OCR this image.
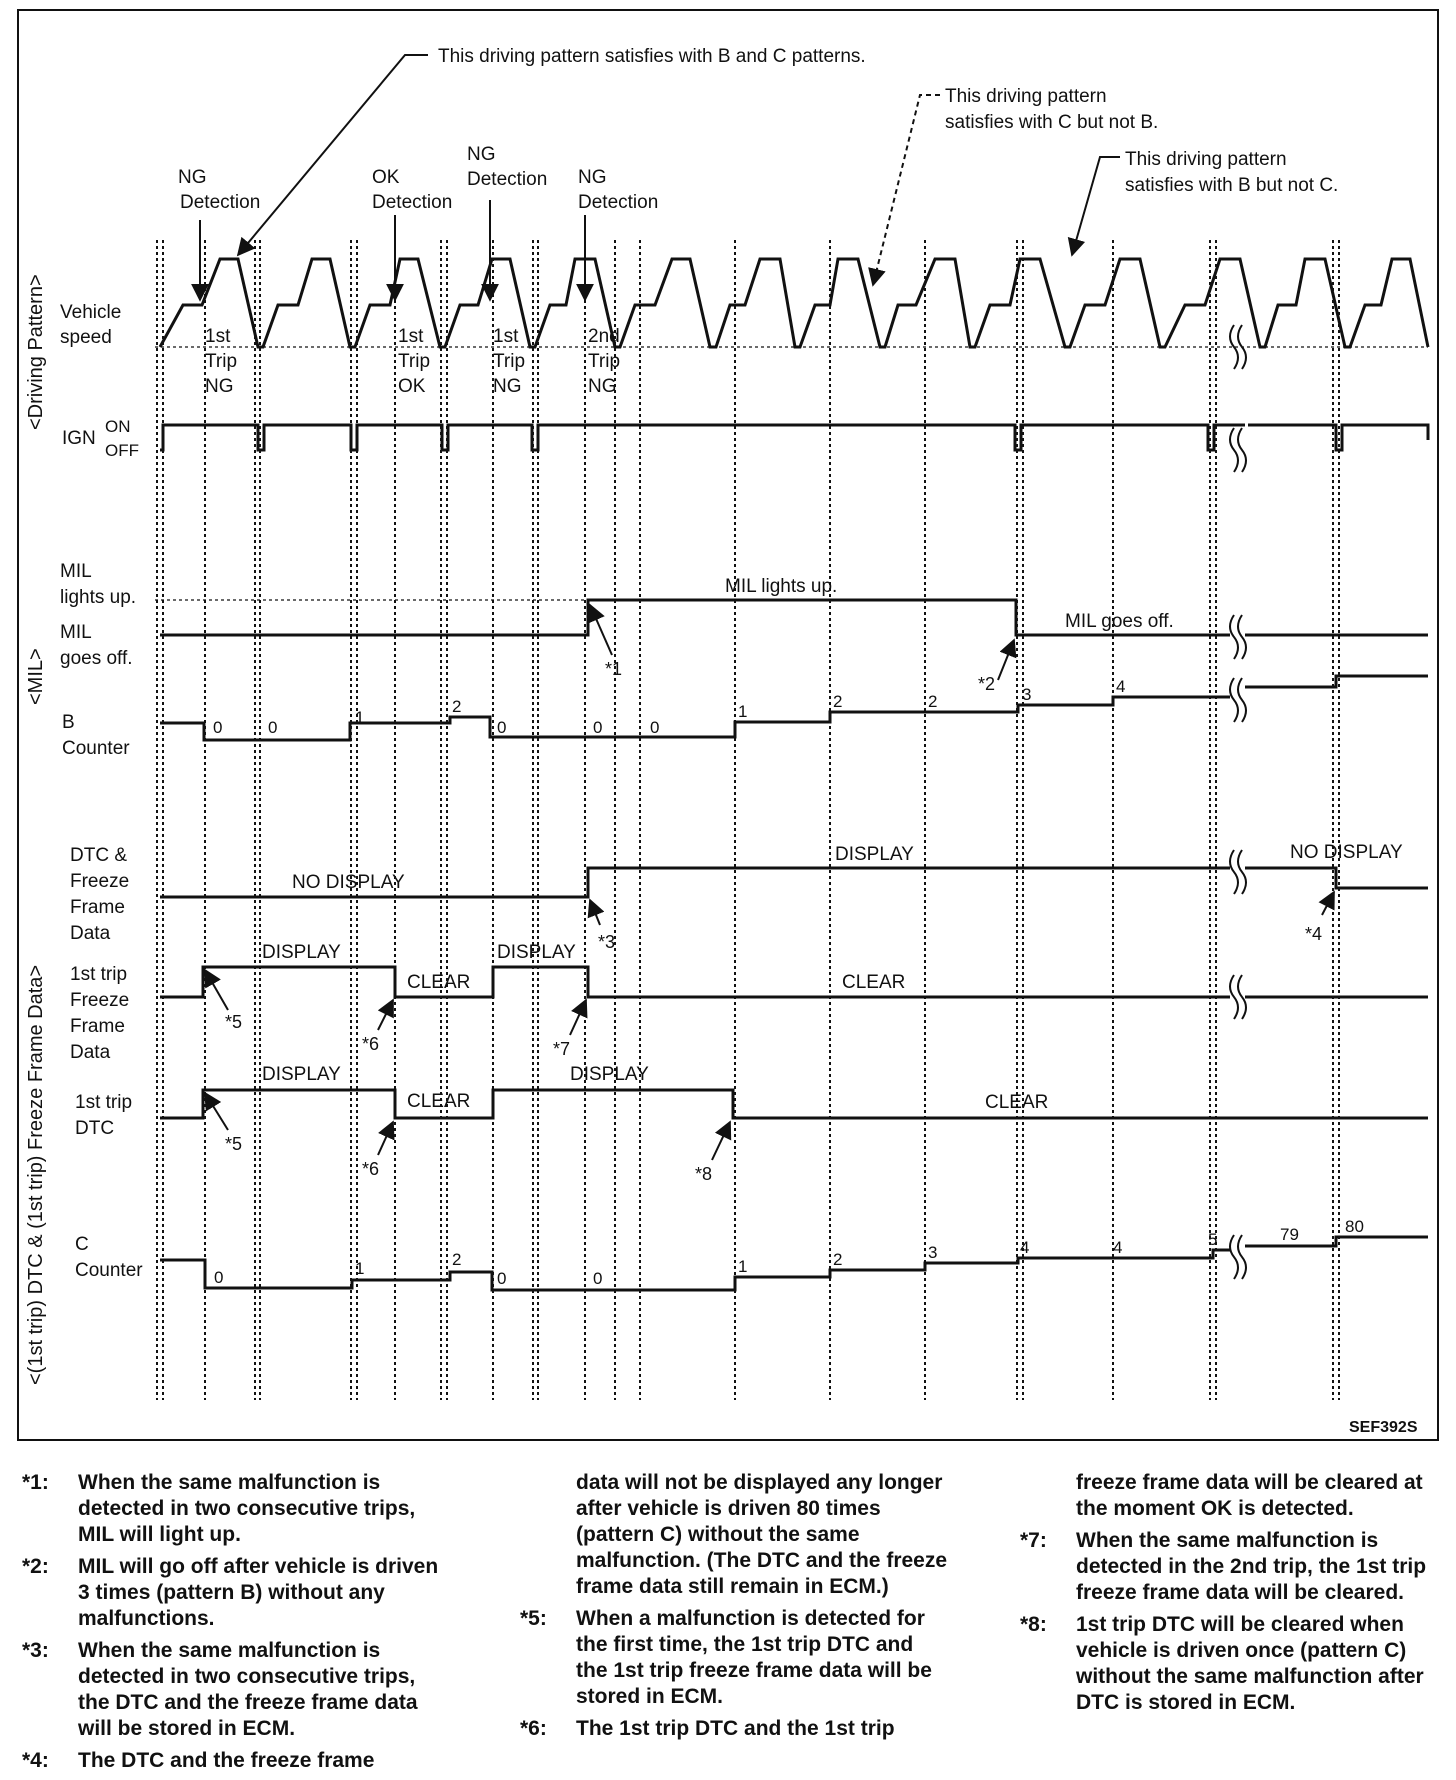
This driving pattern satisfies with B and C patterns.
This driving pattern
satisfies with C but not B.
This driving pattern
satisfies with B but not C.
NG
Detection
OK
Detection
NG
Detection NG
Detection
<Driving Pattern>
<MIL>
<(1st trip) DTC & (1st trip) Freeze Frame Data>
Vehicle
speed
IGN
ON
OFF
MIL
lights up.
MIL
goes off.
B
Counter
DTC &
Freeze
Frame
Data
1st trip
Freeze
Frame
Data
1st trip
DTC
C
Counter
1st
Trip
NG
1st
Trip
OK
1st
Trip
NG
2nd
Trip
NG
MIL lights up.
MIL goes off.
NO DISPLAY
DISPLAY	NO DISPLAY
DISPLAY
CLEAR
DISPLAY
CLEAR
DISPLAY
CLEAR
DISPLAY
CLEAR
0	0
1
2
0	0	0
1
2	2	3	4
0	1	2
0	0
1	2	3	4	4	5	79	80
*1
*2
*3	*4
*5
*6	*7
*5
*6	*8
SEF392S
*1:	When the same malfunction is detected in two consecutive trips, MIL will light up.
*2:	MIL will go off after vehicle is driven 3 times (pattern B) without any malfunctions.
*3:	When the same malfunction is detected in two consecutive trips, the DTC and the freeze frame data will be stored in ECM.
*4:	The DTC and the freeze frame
data will not be displayed any longer after vehicle is driven 80 times (pattern C) without the same malfunction. (The DTC and the freeze frame data still remain in ECM.)
*5:	When a malfunction is detected for the first time, the 1st trip DTC and the 1st trip freeze frame data will be stored in ECM.
*6:	The 1st trip DTC and the 1st trip
freeze frame data will be cleared at the moment OK is detected.
*7:	When the same malfunction is detected in the 2nd trip, the 1st trip freeze frame data will be cleared.
*8:	1st trip DTC will be cleared when vehicle is driven once (pattern C) without the same malfunction after DTC is stored in ECM.
